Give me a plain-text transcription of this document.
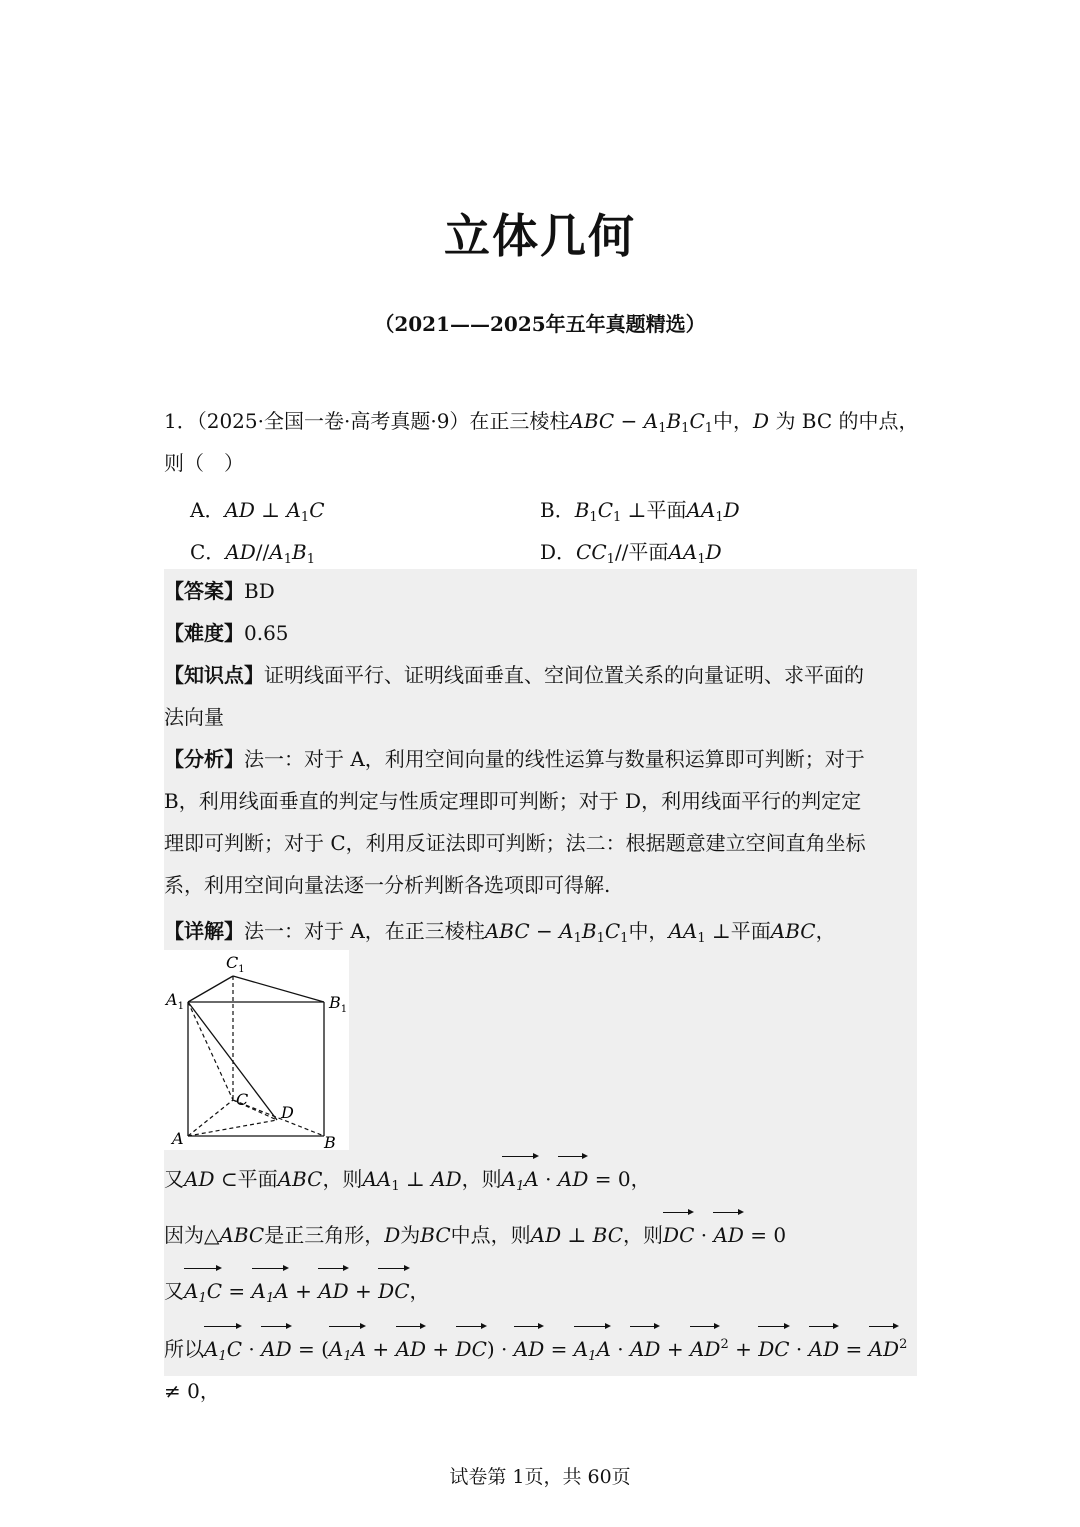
立体几何
（2021——2025年五年真题精选）
1．（2025·全国一卷·高考真题·9）在正三棱柱ABC − $A_1B_1C_1$中，D 为 BC 的中点，
则（　）
A．AD ⊥ $A_1C$	B．$B_1C_1$ ⊥平面$AA_1D$
C．$AD//A_1B_1$	D．$CC_1//$平面$AA_1D$
【答案】BD
【难度】0.65
【知识点】证明线面平行、证明线面垂直、空间位置关系的向量证明、求平面的
法向量
【分析】法一：对于 A，利用空间向量的线性运算与数量积运算即可判断；对于
B，利用线面垂直的判定与性质定理即可判断；对于 D，利用线面平行的判定定
理即可判断；对于 C，利用反证法即可判断；法二：根据题意建立空间直角坐标
系，利用空间向量法逐一分析判断各选项即可得解.
【详解】法一：对于 A，在正三棱柱ABC − $A_1B_1C_1$中，$AA_1$ ⊥平面ABC，
$C_1$
$A_1$	$B_1$
C
D
A	B
又AD ⊂平面ABC，则$AA_1$ ⊥ AD，则$A_1A$ · AD = 0，
因为△ABC是正三角形，D为BC中点，则AD ⊥ BC，则DC · AD = 0
又$A_1C = A_1A$ + AD + DC，
所以$A_1C$ · AD = ($A_1A$ + AD + DC) · AD = $A_1A$ · AD + $AD^2$ + DC · AD = $AD^2 \ne 0$，
试卷第 1页，共 60页
